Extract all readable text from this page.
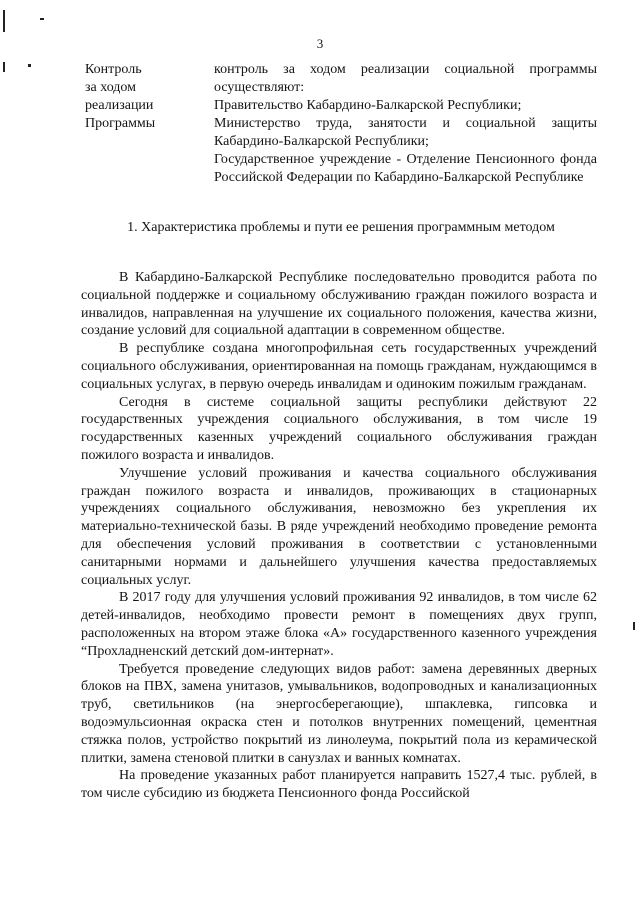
3
Контроль
за ходом
реализации
Программы
контроль за ходом реализации социальной программы осуществляют:
Правительство Кабардино-Балкарской Республики;
Министерство труда, занятости и социальной защиты Кабардино-Балкарской Республики;
Государственное учреждение - Отделение Пенсионного фонда Российской Федерации по Кабардино-Балкарской Республике
1. Характеристика проблемы и пути ее решения программным методом

В Кабардино-Балкарской Республике последовательно проводится работа по социальной поддержке и социальному обслуживанию граждан пожилого возраста и инвалидов, направленная на улучшение их социального положения, качества жизни, создание условий для социальной адаптации в современном обществе.

В республике создана многопрофильная сеть государственных учреждений социального обслуживания, ориентированная на помощь гражданам, нуждающимся в социальных услугах, в первую очередь инвалидам и одиноким пожилым гражданам.

Сегодня в системе социальной защиты республики действуют 22 государственных учреждения социального обслуживания, в том числе 19 государственных казенных учреждений социального обслуживания граждан пожилого возраста и инвалидов.

Улучшение условий проживания и качества социального обслуживания граждан пожилого возраста и инвалидов, проживающих в стационарных учреждениях социального обслуживания, невозможно без укрепления их материально-технической базы. В ряде учреждений необходимо проведение ремонта для обеспечения условий проживания в соответствии с установленными санитарными нормами и дальнейшего улучшения качества предоставляемых социальных услуг.

В 2017 году для улучшения условий проживания 92 инвалидов, в том числе 62 детей-инвалидов, необходимо провести ремонт в помещениях двух групп, расположенных на втором этаже блока «А» государственного казенного учреждения “Прохладненский детский дом-интернат».

Требуется проведение следующих видов работ: замена деревянных дверных блоков на ПВХ, замена унитазов, умывальников, водопроводных и канализационных труб, светильников (на энергосберегающие), шпаклевка, гипсовка и водоэмульсионная окраска стен и потолков внутренних помещений, цементная стяжка полов, устройство покрытий из линолеума, покрытий пола из керамической плитки, замена стеновой плитки в санузлах и ванных комнатах.

На проведение указанных работ планируется направить 1527,4 тыс. рублей, в том числе субсидию из бюджета Пенсионного фонда Российской
